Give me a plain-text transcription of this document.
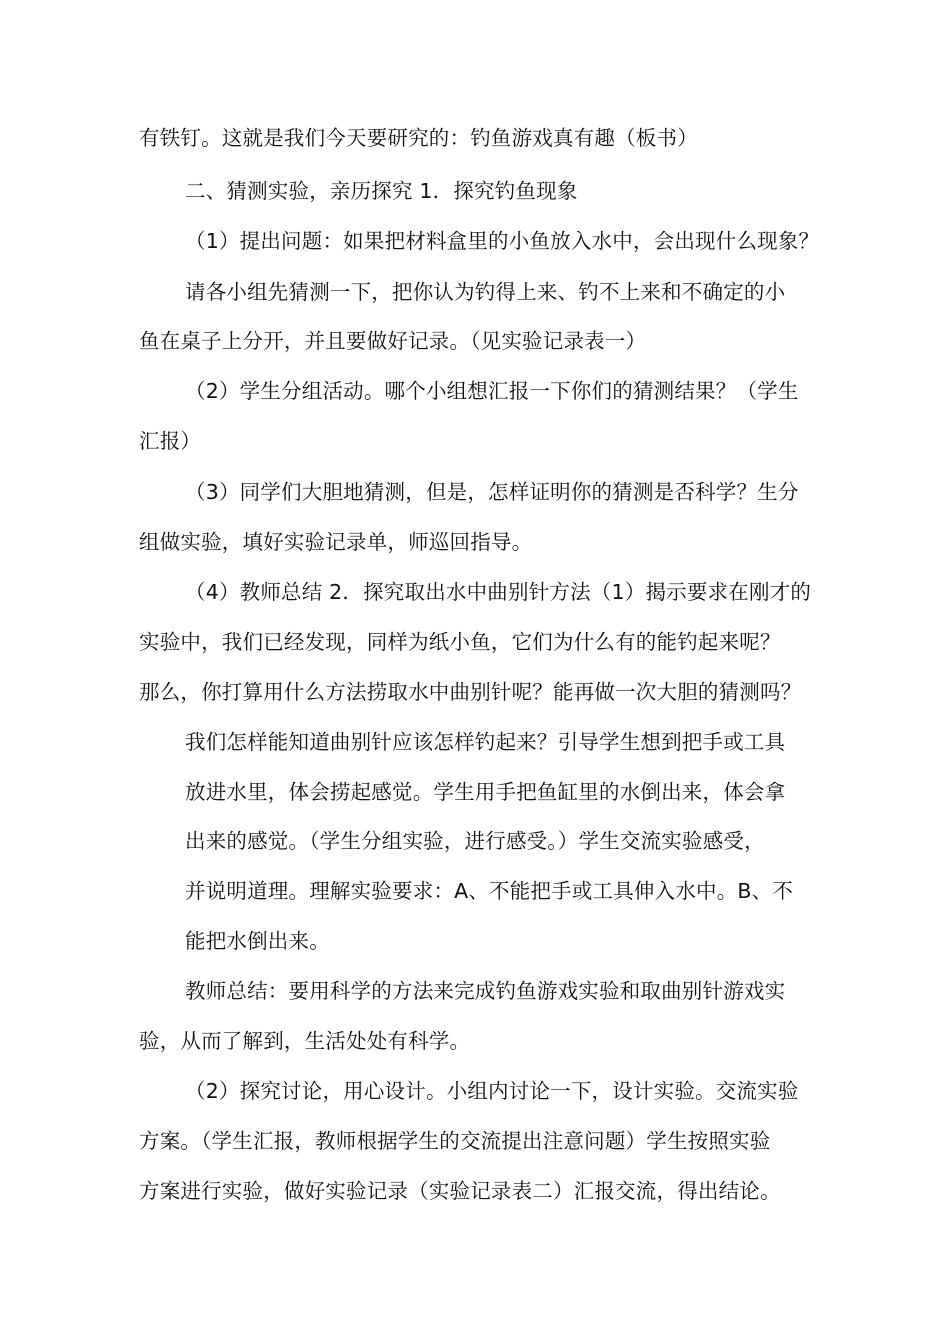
有铁钉。这就是我们今天要研究的：钓鱼游戏真有趣（板书）

二、猜测实验，亲历探究 1．探究钓鱼现象

（1）提出问题：如果把材料盒里的小鱼放入水中，会出现什么现象？

请各小组先猜测一下，把你认为钓得上来、钓不上来和不确定的小

鱼在桌子上分开，并且要做好记录。（见实验记录表一）

（2）学生分组活动。哪个小组想汇报一下你们的猜测结果？（学生

汇报）

（3）同学们大胆地猜测，但是，怎样证明你的猜测是否科学？生分

组做实验，填好实验记录单，师巡回指导。

（4）教师总结 2．探究取出水中曲别针方法（1）揭示要求在刚才的

实验中，我们已经发现，同样为纸小鱼，它们为什么有的能钓起来呢？

那么，你打算用什么方法捞取水中曲别针呢？能再做一次大胆的猜测吗？

我们怎样能知道曲别针应该怎样钓起来？引导学生想到把手或工具

放进水里，体会捞起感觉。学生用手把鱼缸里的水倒出来，体会拿

出来的感觉。（学生分组实验，进行感受。）学生交流实验感受，

并说明道理。理解实验要求：A、不能把手或工具伸入水中。B、不

能把水倒出来。

教师总结：要用科学的方法来完成钓鱼游戏实验和取曲别针游戏实

验，从而了解到，生活处处有科学。

（2）探究讨论，用心设计。小组内讨论一下，设计实验。交流实验

方案。（学生汇报，教师根据学生的交流提出注意问题）学生按照实验

方案进行实验，做好实验记录（实验记录表二）汇报交流，得出结论。
